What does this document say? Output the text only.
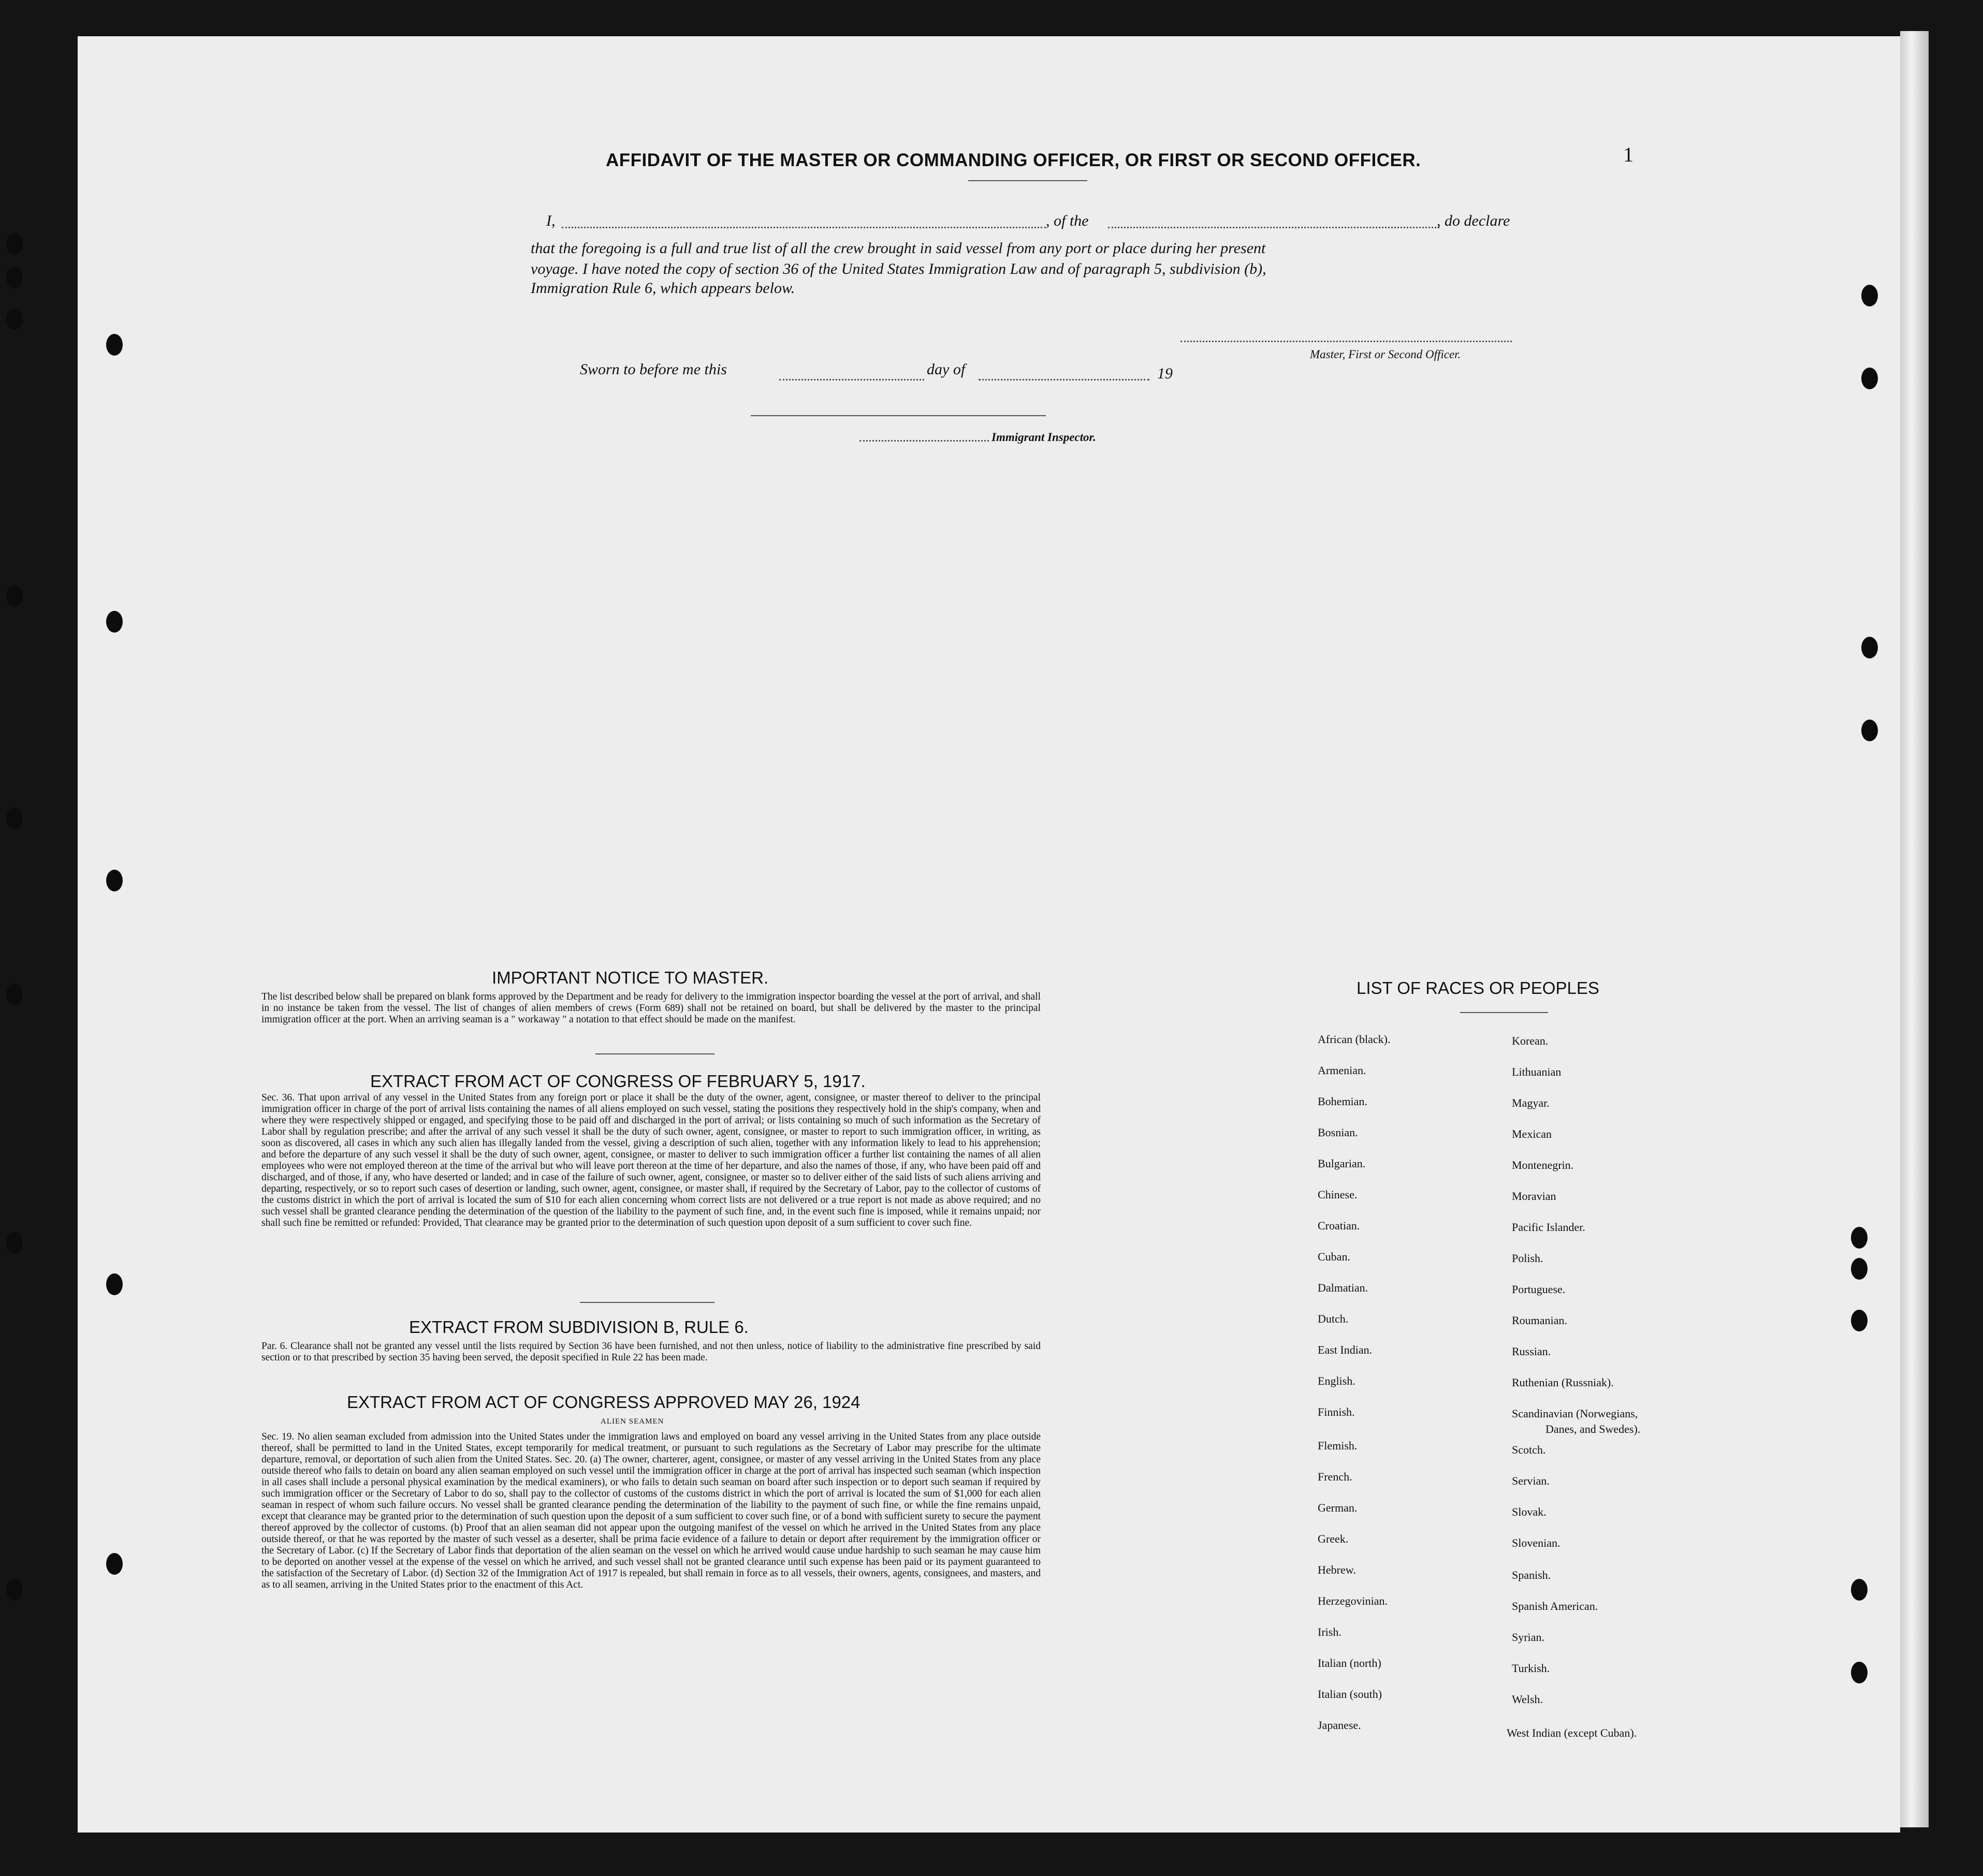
1
AFFIDAVIT OF THE MASTER OR COMMANDING OFFICER, OR FIRST OR SECOND OFFICER.
I,	, of the	, do declare
that the foregoing is a full and true list of all the crew brought in said vessel from any port or place during her present
voyage. I have noted the copy of section 36 of the United States Immigration Law and of paragraph 5, subdivision (b),
Immigration Rule 6, which appears below.
Master, First or Second Officer.
Sworn to before me this	day of	19
Immigrant Inspector.
IMPORTANT NOTICE TO MASTER.
The list described below shall be prepared on blank forms approved by the Department and be ready for delivery to the immigration inspector boarding the vessel at the port of arrival, and shall in no instance be taken from the vessel. The list of changes of alien members of crews (Form 689) shall not be retained on board, but shall be delivered by the master to the principal immigration officer at the port. When an arriving seaman is a " workaway " a notation to that effect should be made on the manifest.
EXTRACT FROM ACT OF CONGRESS OF FEBRUARY 5, 1917.
Sec. 36. That upon arrival of any vessel in the United States from any foreign port or place it shall be the duty of the owner, agent, consignee, or master thereof to deliver to the principal immigration officer in charge of the port of arrival lists containing the names of all aliens employed on such vessel, stating the positions they respectively hold in the ship's company, when and where they were respectively shipped or engaged, and specifying those to be paid off and discharged in the port of arrival; or lists containing so much of such information as the Secretary of Labor shall by regulation prescribe; and after the arrival of any such vessel it shall be the duty of such owner, agent, consignee, or master to report to such immigration officer, in writing, as soon as discovered, all cases in which any such alien has illegally landed from the vessel, giving a description of such alien, together with any information likely to lead to his apprehension; and before the departure of any such vessel it shall be the duty of such owner, agent, consignee, or master to deliver to such immigration officer a further list containing the names of all alien employees who were not employed thereon at the time of the arrival but who will leave port thereon at the time of her departure, and also the names of those, if any, who have been paid off and discharged, and of those, if any, who have deserted or landed; and in case of the failure of such owner, agent, consignee, or master so to deliver either of the said lists of such aliens arriving and departing, respectively, or so to report such cases of desertion or landing, such owner, agent, consignee, or master shall, if required by the Secretary of Labor, pay to the collector of customs of the customs district in which the port of arrival is located the sum of $10 for each alien concerning whom correct lists are not delivered or a true report is not made as above required; and no such vessel shall be granted clearance pending the determination of the question of the liability to the payment of such fine, and, in the event such fine is imposed, while it remains unpaid; nor shall such fine be remitted or refunded: Provided, That clearance may be granted prior to the determination of such question upon deposit of a sum sufficient to cover such fine.
EXTRACT FROM SUBDIVISION B, RULE 6.
Par. 6. Clearance shall not be granted any vessel until the lists required by Section 36 have been furnished, and not then unless, notice of liability to the administrative fine prescribed by said section or to that prescribed by section 35 having been served, the deposit specified in Rule 22 has been made.
EXTRACT FROM ACT OF CONGRESS APPROVED MAY 26, 1924
ALIEN SEAMEN
Sec. 19. No alien seaman excluded from admission into the United States under the immigration laws and employed on board any vessel arriving in the United States from any place outside thereof, shall be permitted to land in the United States, except temporarily for medical treatment, or pursuant to such regulations as the Secretary of Labor may prescribe for the ultimate departure, removal, or deportation of such alien from the United States. Sec. 20. (a) The owner, charterer, agent, consignee, or master of any vessel arriving in the United States from any place outside thereof who fails to detain on board any alien seaman employed on such vessel until the immigration officer in charge at the port of arrival has inspected such seaman (which inspection in all cases shall include a personal physical examination by the medical examiners), or who fails to detain such seaman on board after such inspection or to deport such seaman if required by such immigration officer or the Secretary of Labor to do so, shall pay to the collector of customs of the customs district in which the port of arrival is located the sum of $1,000 for each alien seaman in respect of whom such failure occurs. No vessel shall be granted clearance pending the determination of the liability to the payment of such fine, or while the fine remains unpaid, except that clearance may be granted prior to the determination of such question upon the deposit of a sum sufficient to cover such fine, or of a bond with sufficient surety to secure the payment thereof approved by the collector of customs. (b) Proof that an alien seaman did not appear upon the outgoing manifest of the vessel on which he arrived in the United States from any place outside thereof, or that he was reported by the master of such vessel as a deserter, shall be prima facie evidence of a failure to detain or deport after requirement by the immigration officer or the Secretary of Labor. (c) If the Secretary of Labor finds that deportation of the alien seaman on the vessel on which he arrived would cause undue hardship to such seaman he may cause him to be deported on another vessel at the expense of the vessel on which he arrived, and such vessel shall not be granted clearance until such expense has been paid or its payment guaranteed to the satisfaction of the Secretary of Labor. (d) Section 32 of the Immigration Act of 1917 is repealed, but shall remain in force as to all vessels, their owners, agents, consignees, and masters, and as to all seamen, arriving in the United States prior to the enactment of this Act.
LIST OF RACES OR PEOPLES
African (black).
Armenian.
Bohemian.
Bosnian.
Bulgarian.
Chinese.
Croatian.
Cuban.
Dalmatian.
Dutch.
East Indian.
English.
Finnish.
Flemish.
French.
German.
Greek.
Hebrew.
Herzegovinian.
Irish.
Italian (north)
Italian (south)
Japanese.
Korean.
Lithuanian
Magyar.
Mexican
Montenegrin.
Moravian
Pacific Islander.
Polish.
Portuguese.
Roumanian.
Russian.
Ruthenian (Russniak).
Scandinavian (Norwegians,
Danes, and Swedes).
Scotch.
Servian.
Slovak.
Slovenian.
Spanish.
Spanish American.
Syrian.
Turkish.
Welsh.
West Indian (except Cuban).
